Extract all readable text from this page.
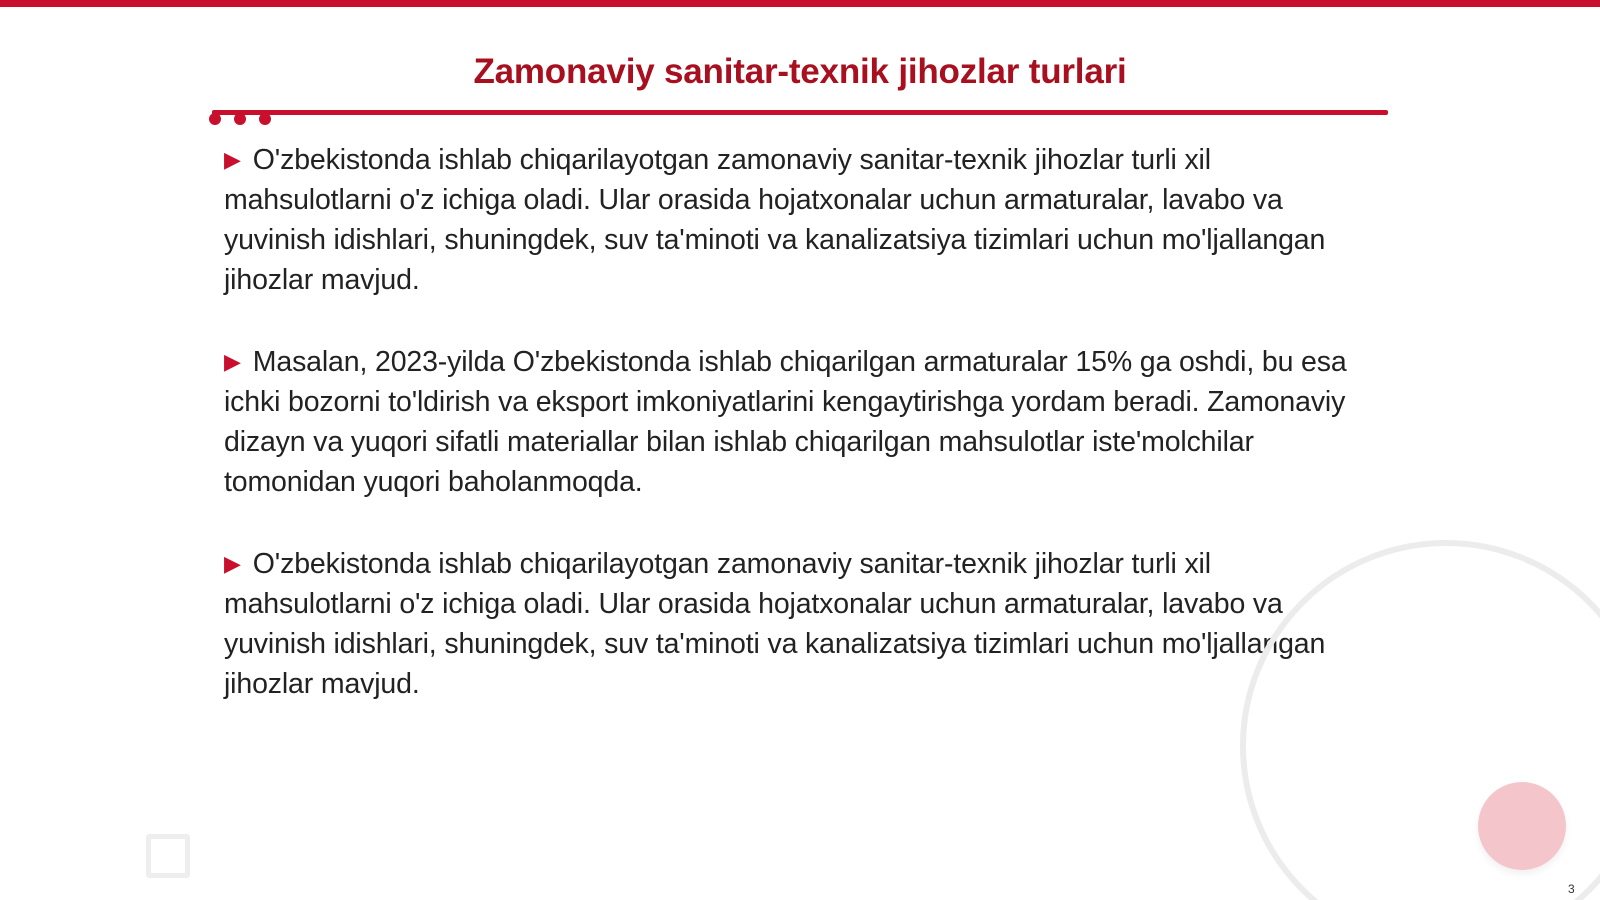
Zamonaviy sanitar-texnik jihozlar turlari
▶ O'zbekistonda ishlab chiqarilayotgan zamonaviy sanitar-texnik jihozlar turli xil mahsulotlarni o'z ichiga oladi. Ular orasida hojatxonalar uchun armaturalar, lavabo va yuvinish idishlari, shuningdek, suv ta'minoti va kanalizatsiya tizimlari uchun mo'ljallangan jihozlar mavjud.
▶ Masalan, 2023-yilda O'zbekistonda ishlab chiqarilgan armaturalar 15% ga oshdi, bu esa ichki bozorni to'ldirish va eksport imkoniyatlarini kengaytirishga yordam beradi. Zamonaviy dizayn va yuqori sifatli materiallar bilan ishlab chiqarilgan mahsulotlar iste'molchilar tomonidan yuqori baholanmoqda.
▶ O'zbekistonda ishlab chiqarilayotgan zamonaviy sanitar-texnik jihozlar turli xil mahsulotlarni o'z ichiga oladi. Ular orasida hojatxonalar uchun armaturalar, lavabo va yuvinish idishlari, shuningdek, suv ta'minoti va kanalizatsiya tizimlari uchun mo'ljallangan jihozlar mavjud.
3
